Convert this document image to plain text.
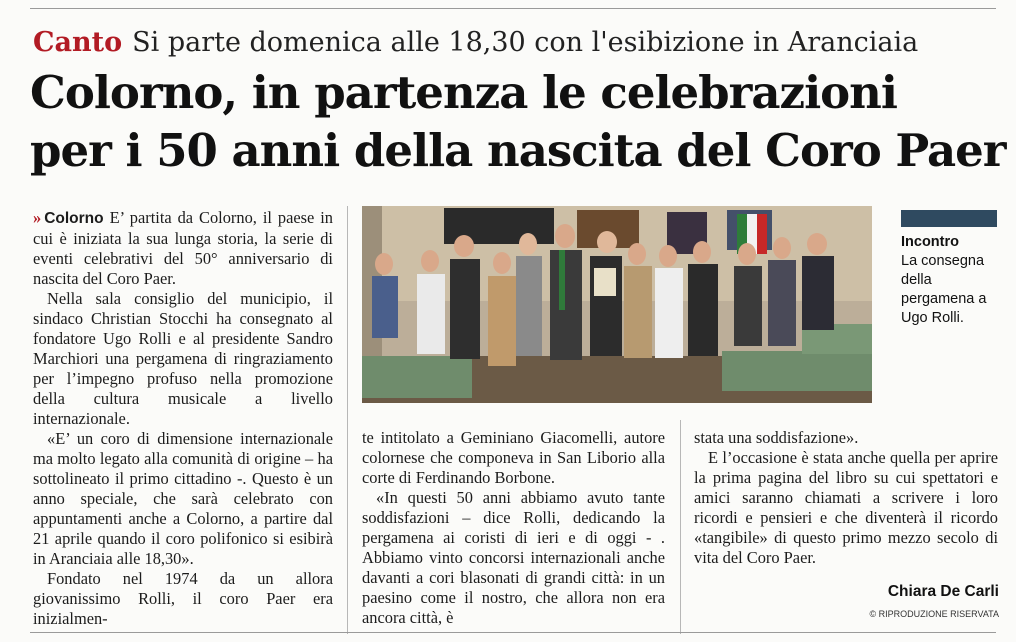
Canto Si parte domenica alle 18,30 con l'esibizione in Aranciaia
Colorno, in partenza le celebrazioni
per i 50 anni della nascita del Coro Paer

» Colorno E’ partita da Colorno, il paese in cui è iniziata la sua lunga storia, la serie di eventi celebrativi del 50° anniversario di nascita del Coro Paer.

Nella sala consiglio del municipio, il sindaco Christian Stocchi ha consegnato al fondatore Ugo Rolli e al presidente Sandro Marchiori una pergamena di ringraziamento per l’impegno profuso nella promozione della cultura musicale a livello internazionale.

«E’ un coro di dimensione internazionale ma molto legato alla comunità di origine – ha sottolineato il primo cittadino -. Questo è un anno speciale, che sarà celebrato con appuntamenti anche a Colorno, a partire dal 21 aprile quando il coro polifonico si esibirà in Aranciaia alle 18,30».

Fondato nel 1974 da un allora giovanissimo Rolli, il coro Paer era inizialmen-

Incontro
La consegna della pergamena a Ugo Rolli.

te intitolato a Geminiano Giacomelli, autore colornese che componeva in San Liborio alla corte di Ferdinando Borbone.

«In questi 50 anni abbiamo avuto tante soddisfazioni – dice Rolli, dedicando la pergamena ai coristi di ieri e di oggi - . Abbiamo vinto concorsi internazionali anche davanti a cori blasonati di grandi città: in un paesino come il nostro, che allora non era ancora città, è

stata una soddisfazione».

E l’occasione è stata anche quella per aprire la prima pagina del libro su cui spettatori e amici saranno chiamati a scrivere i loro ricordi e pensieri e che diventerà il ricordo «tangibile» di questo primo mezzo secolo di vita del Coro Paer.

Chiara De Carli
© RIPRODUZIONE RISERVATA
